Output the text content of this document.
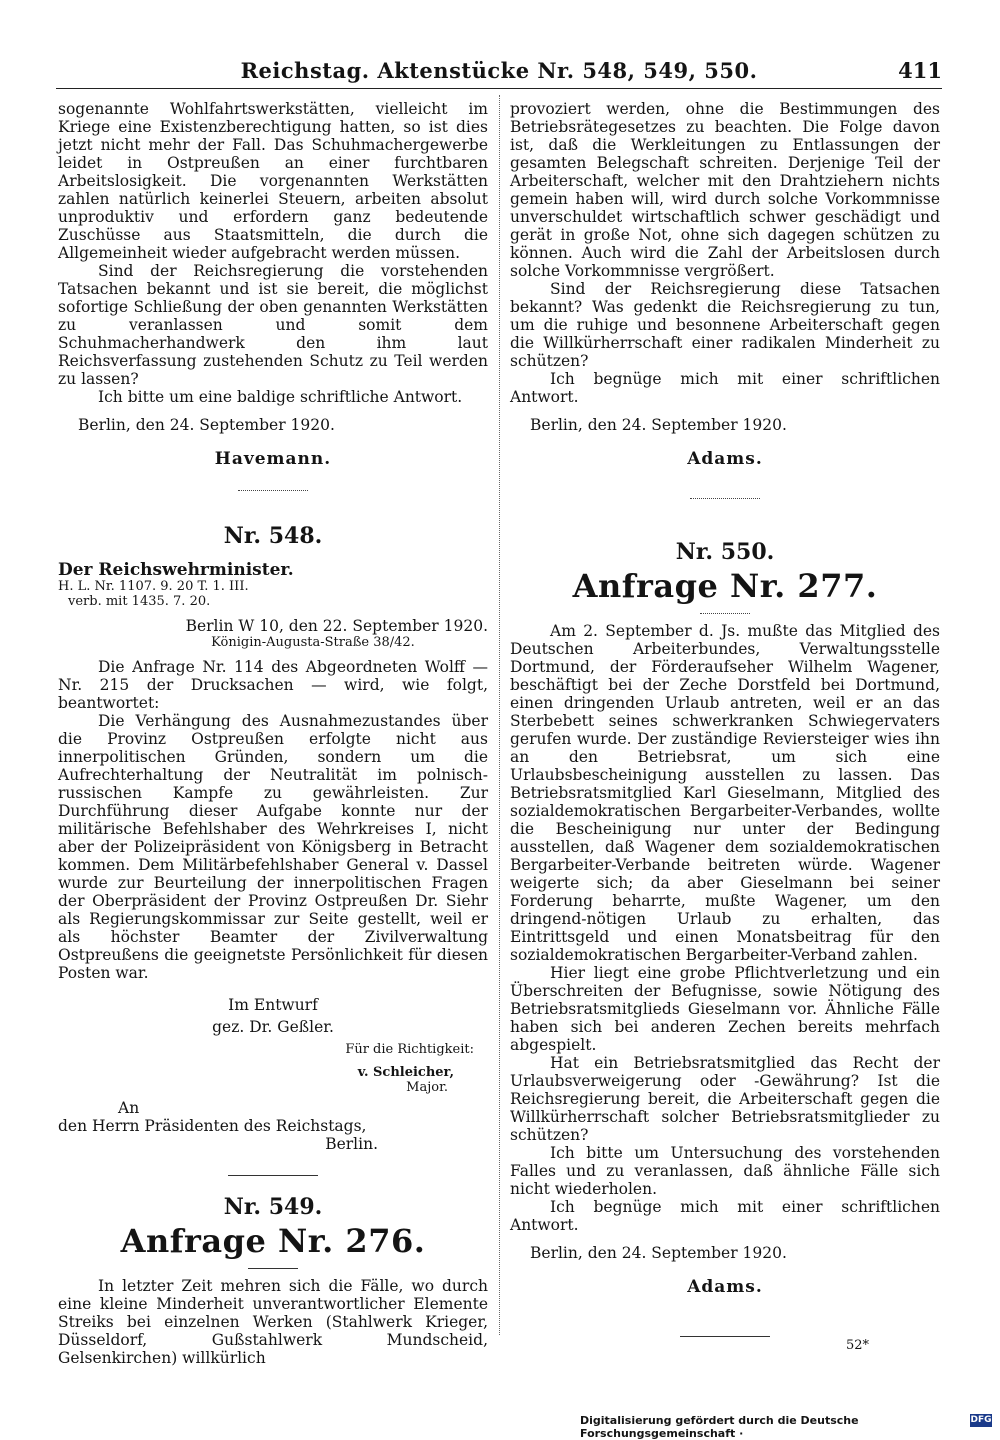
Reichstag. Aktenstücke Nr. 548, 549, 550.	411

sogenannte Wohlfahrtswerkstätten, vielleicht im Kriege eine Existenzberechtigung hatten, so ist dies jetzt nicht mehr der Fall. Das Schuhmachergewerbe leidet in Ostpreußen an einer furchtbaren Arbeitslosigkeit. Die vorgenannten Werkstätten zahlen natürlich keinerlei Steuern, arbeiten absolut unproduktiv und erfordern ganz bedeutende Zuschüsse aus Staatsmitteln, die durch die Allgemeinheit wieder aufgebracht werden müssen.

Sind der Reichsregierung die vorstehenden Tatsachen bekannt und ist sie bereit, die möglichst sofortige Schließung der oben genannten Werkstätten zu veranlassen und somit dem Schuhmacherhandwerk den ihm laut Reichsverfassung zustehenden Schutz zu Teil werden zu lassen?

Ich bitte um eine baldige schriftliche Antwort.

Berlin, den 24. September 1920.

Havemann.
Nr. 548.
Der Reichswehrminister.
H. L. Nr. 1107. 9. 20 T. 1. III.
verb. mit 1435. 7. 20.
Berlin W 10, den 22. September 1920.
Königin-Augusta-Straße 38/42.

Die Anfrage Nr. 114 des Abgeordneten Wolff — Nr. 215 der Drucksachen — wird, wie folgt, beantwortet:

Die Verhängung des Ausnahmezustandes über die Provinz Ostpreußen erfolgte nicht aus innerpolitischen Gründen, sondern um die Aufrechterhaltung der Neutralität im polnisch-russischen Kampfe zu gewährleisten. Zur Durchführung dieser Aufgabe konnte nur der militärische Befehlshaber des Wehrkreises I, nicht aber der Polizeipräsident von Königsberg in Betracht kommen. Dem Militärbefehlshaber General v. Dassel wurde zur Beurteilung der innerpolitischen Fragen der Oberpräsident der Provinz Ostpreußen Dr. Siehr als Regierungskommissar zur Seite gestellt, weil er als höchster Beamter der Zivilverwaltung Ostpreußens die geeignetste Persönlichkeit für diesen Posten war.

Im Entwurf
gez. Dr. Geßler.
Für die Richtigkeit:
v. Schleicher,
Major.
An
den Herrn Präsidenten des Reichstags,
Berlin.
Nr. 549.
Anfrage Nr. 276.

In letzter Zeit mehren sich die Fälle, wo durch eine kleine Minderheit unverantwortlicher Elemente Streiks bei einzelnen Werken (Stahlwerk Krieger, Düsseldorf, Gußstahlwerk Mundscheid, Gelsenkirchen) willkürlich

provoziert werden, ohne die Bestimmungen des Betriebsrätegesetzes zu beachten. Die Folge davon ist, daß die Werkleitungen zu Entlassungen der gesamten Belegschaft schreiten. Derjenige Teil der Arbeiterschaft, welcher mit den Drahtziehern nichts gemein haben will, wird durch solche Vorkommnisse unverschuldet wirtschaftlich schwer geschädigt und gerät in große Not, ohne sich dagegen schützen zu können. Auch wird die Zahl der Arbeitslosen durch solche Vorkommnisse vergrößert.

Sind der Reichsregierung diese Tatsachen bekannt? Was gedenkt die Reichsregierung zu tun, um die ruhige und besonnene Arbeiterschaft gegen die Willkürherrschaft einer radikalen Minderheit zu schützen?

Ich begnüge mich mit einer schriftlichen Antwort.

Berlin, den 24. September 1920.

Adams.
Nr. 550.
Anfrage Nr. 277.

Am 2. September d. Js. mußte das Mitglied des Deutschen Arbeiterbundes, Verwaltungsstelle Dortmund, der Förderaufseher Wilhelm Wagener, beschäftigt bei der Zeche Dorstfeld bei Dortmund, einen dringenden Urlaub antreten, weil er an das Sterbebett seines schwerkranken Schwiegervaters gerufen wurde. Der zuständige Reviersteiger wies ihn an den Betriebsrat, um sich eine Urlaubsbescheinigung ausstellen zu lassen. Das Betriebsratsmitglied Karl Gieselmann, Mitglied des sozialdemokratischen Bergarbeiter-Verbandes, wollte die Bescheinigung nur unter der Bedingung ausstellen, daß Wagener dem sozialdemokratischen Bergarbeiter-Verbande beitreten würde. Wagener weigerte sich; da aber Gieselmann bei seiner Forderung beharrte, mußte Wagener, um den dringend-nötigen Urlaub zu erhalten, das Eintrittsgeld und einen Monatsbeitrag für den sozialdemokratischen Bergarbeiter-Verband zahlen.

Hier liegt eine grobe Pflichtverletzung und ein Überschreiten der Befugnisse, sowie Nötigung des Betriebsratsmitglieds Gieselmann vor. Ähnliche Fälle haben sich bei anderen Zechen bereits mehrfach abgespielt.

Hat ein Betriebsratsmitglied das Recht der Urlaubsverweigerung oder -Gewährung? Ist die Reichsregierung bereit, die Arbeiterschaft gegen die Willkürherrschaft solcher Betriebsratsmitglieder zu schützen?

Ich bitte um Untersuchung des vorstehenden Falles und zu veranlassen, daß ähnliche Fälle sich nicht wiederholen.

Ich begnüge mich mit einer schriftlichen Antwort.

Berlin, den 24. September 1920.

Adams.
52*
Digitalisierung gefördert durch die Deutsche Forschungsgemeinschaft ·
DFG
